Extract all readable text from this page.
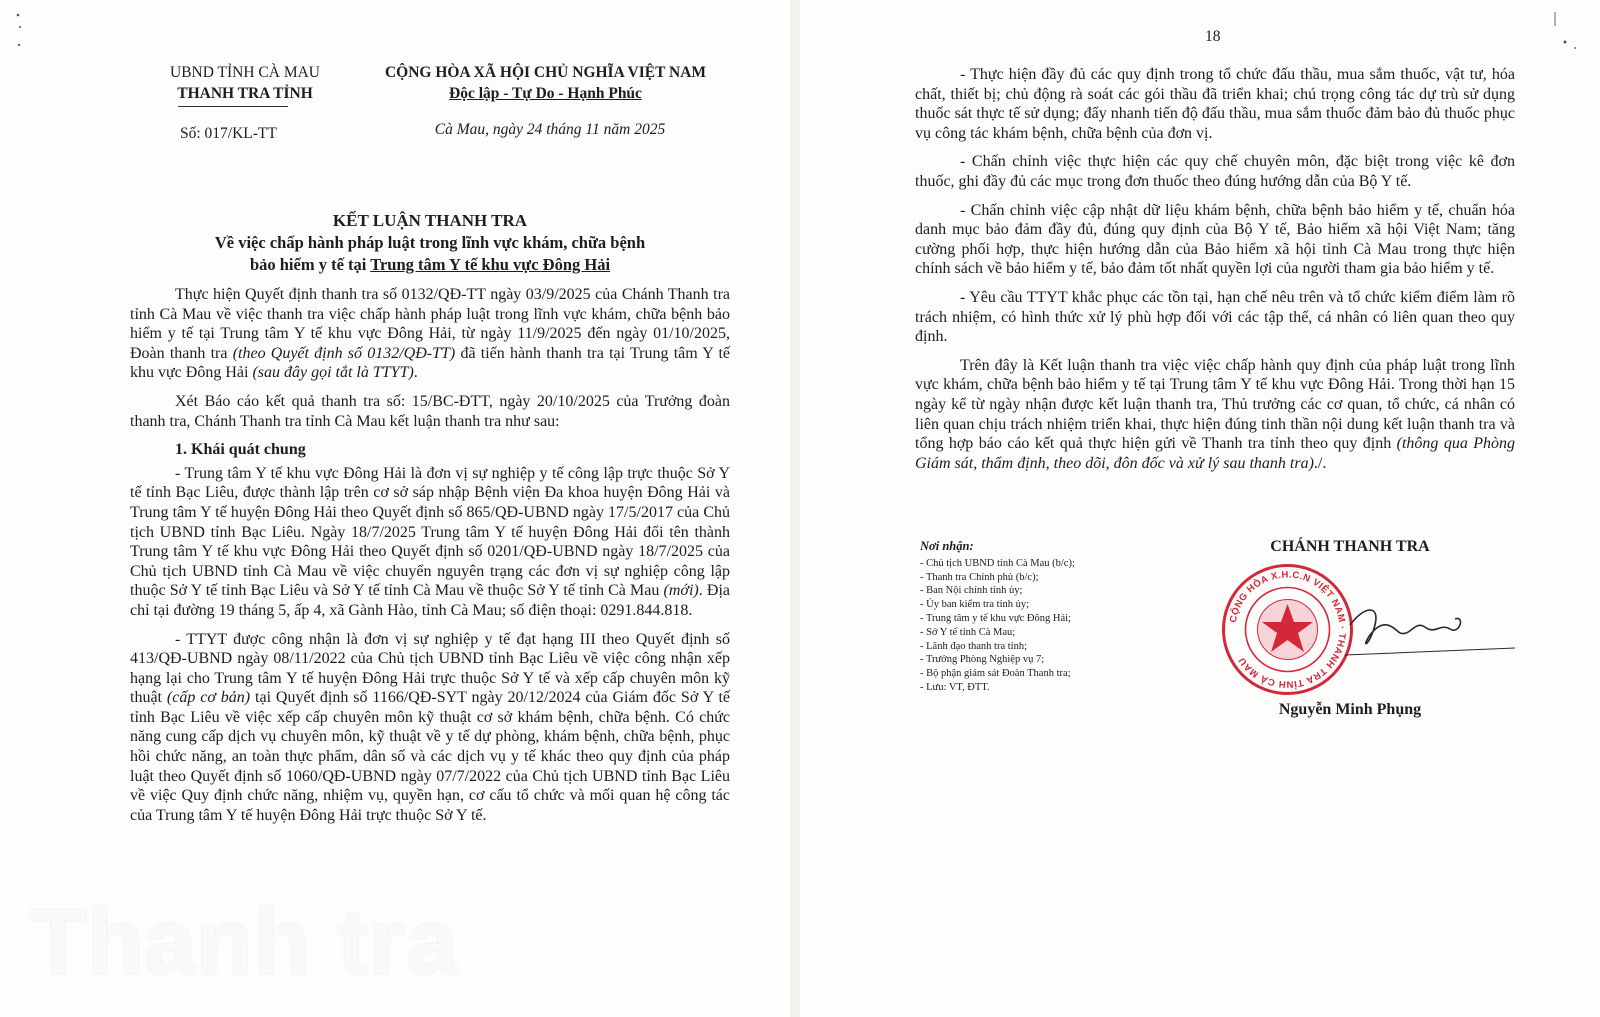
UBND TỈNH CÀ MAU
THANH TRA TỈNH
Số: 017/KL-TT
CỘNG HÒA XÃ HỘI CHỦ NGHĨA VIỆT NAM
Độc lập - Tự Do - Hạnh Phúc
Cà Mau, ngày 24 tháng 11 năm 2025
KẾT LUẬN THANH TRA
Về việc chấp hành pháp luật trong lĩnh vực khám, chữa bệnh
bảo hiểm y tế tại Trung tâm Y tế khu vực Đông Hải

Thực hiện Quyết định thanh tra số 0132/QĐ-TT ngày 03/9/2025 của Chánh Thanh tra tỉnh Cà Mau về việc thanh tra việc chấp hành pháp luật trong lĩnh vực khám, chữa bệnh bảo hiểm y tế tại Trung tâm Y tế khu vực Đông Hải, từ ngày 11/9/2025 đến ngày 01/10/2025, Đoàn thanh tra (theo Quyết định số 0132/QĐ-TT) đã tiến hành thanh tra tại Trung tâm Y tế khu vực Đông Hải (sau đây gọi tắt là TTYT).

Xét Báo cáo kết quả thanh tra số: 15/BC-ĐTT, ngày 20/10/2025 của Trưởng đoàn thanh tra, Chánh Thanh tra tỉnh Cà Mau kết luận thanh tra như sau:

1. Khái quát chung

- Trung tâm Y tế khu vực Đông Hải là đơn vị sự nghiệp y tế công lập trực thuộc Sở Y tế tỉnh Bạc Liêu, được thành lập trên cơ sở sáp nhập Bệnh viện Đa khoa huyện Đông Hải và Trung tâm Y tế huyện Đông Hải theo Quyết định số 865/QĐ-UBND ngày 17/5/2017 của Chủ tịch UBND tỉnh Bạc Liêu. Ngày 18/7/2025 Trung tâm Y tế huyện Đông Hải đổi tên thành Trung tâm Y tế khu vực Đông Hải theo Quyết định số 0201/QĐ-UBND ngày 18/7/2025 của Chủ tịch UBND tỉnh Cà Mau về việc chuyển nguyên trạng các đơn vị sự nghiệp công lập thuộc Sở Y tế tỉnh Bạc Liêu và Sở Y tế tỉnh Cà Mau về thuộc Sở Y tế tỉnh Cà Mau (mới). Địa chỉ tại đường 19 tháng 5, ấp 4, xã Gành Hào, tỉnh Cà Mau; số điện thoại: 0291.844.818.

- TTYT được công nhận là đơn vị sự nghiệp y tế đạt hạng III theo Quyết định số 413/QĐ-UBND ngày 08/11/2022 của Chủ tịch UBND tỉnh Bạc Liêu về việc công nhận xếp hạng lại cho Trung tâm Y tế huyện Đông Hải trực thuộc Sở Y tế và xếp cấp chuyên môn kỹ thuật (cấp cơ bản) tại Quyết định số 1166/QĐ-SYT ngày 20/12/2024 của Giám đốc Sở Y tế tỉnh Bạc Liêu về việc xếp cấp chuyên môn kỹ thuật cơ sở khám bệnh, chữa bệnh. Có chức năng cung cấp dịch vụ chuyên môn, kỹ thuật về y tế dự phòng, khám bệnh, chữa bệnh, phục hồi chức năng, an toàn thực phẩm, dân số và các dịch vụ y tế khác theo quy định của pháp luật theo Quyết định số 1060/QĐ-UBND ngày 07/7/2022 của Chủ tịch UBND tỉnh Bạc Liêu về việc Quy định chức năng, nhiệm vụ, quyền hạn, cơ cấu tổ chức và mối quan hệ công tác của Trung tâm Y tế huyện Đông Hải trực thuộc Sở Y tế.

Thanh tra
18

- Thực hiện đầy đủ các quy định trong tổ chức đấu thầu, mua sắm thuốc, vật tư, hóa chất, thiết bị; chủ động rà soát các gói thầu đã triển khai; chú trọng công tác dự trù sử dụng thuốc sát thực tế sử dụng; đẩy nhanh tiến độ đấu thầu, mua sắm thuốc đảm bảo đủ thuốc phục vụ công tác khám bệnh, chữa bệnh của đơn vị.

- Chấn chỉnh việc thực hiện các quy chế chuyên môn, đặc biệt trong việc kê đơn thuốc, ghi đầy đủ các mục trong đơn thuốc theo đúng hướng dẫn của Bộ Y tế.

- Chấn chỉnh việc cập nhật dữ liệu khám bệnh, chữa bệnh bảo hiểm y tế, chuẩn hóa danh mục bảo đảm đầy đủ, đúng quy định của Bộ Y tế, Bảo hiểm xã hội Việt Nam; tăng cường phối hợp, thực hiện hướng dẫn của Bảo hiểm xã hội tỉnh Cà Mau trong thực hiện chính sách về bảo hiểm y tế, bảo đảm tốt nhất quyền lợi của người tham gia bảo hiểm y tế.

- Yêu cầu TTYT khắc phục các tồn tại, hạn chế nêu trên và tổ chức kiểm điểm làm rõ trách nhiệm, có hình thức xử lý phù hợp đối với các tập thể, cá nhân có liên quan theo quy định.

Trên đây là Kết luận thanh tra việc việc chấp hành quy định của pháp luật trong lĩnh vực khám, chữa bệnh bảo hiểm y tế tại Trung tâm Y tế khu vực Đông Hải. Trong thời hạn 15 ngày kể từ ngày nhận được kết luận thanh tra, Thủ trưởng các cơ quan, tổ chức, cá nhân có liên quan chịu trách nhiệm triển khai, thực hiện đúng tinh thần nội dung kết luận thanh tra và tổng hợp báo cáo kết quả thực hiện gửi về Thanh tra tỉnh theo quy định (thông qua Phòng Giám sát, thẩm định, theo dõi, đôn đốc và xử lý sau thanh tra)./.

Nơi nhận:
- Chủ tịch UBND tỉnh Cà Mau (b/c);
- Thanh tra Chính phủ (b/c);
- Ban Nội chính tỉnh ủy;
- Ủy ban kiểm tra tỉnh ủy;
- Trung tâm y tế khu vực Đông Hải;
- Sở Y tế tỉnh Cà Mau;
- Lãnh đạo thanh tra tỉnh;
- Trưởng Phòng Nghiệp vụ 7;
- Bộ phận giám sát Đoàn Thanh tra;
- Lưu: VT, ĐTT.
CHÁNH THANH TRA
Nguyễn Minh Phụng
CỘNG HÒA X.H.C.N VIỆT NAM · THANH TRA TỈNH CÀ MAU
